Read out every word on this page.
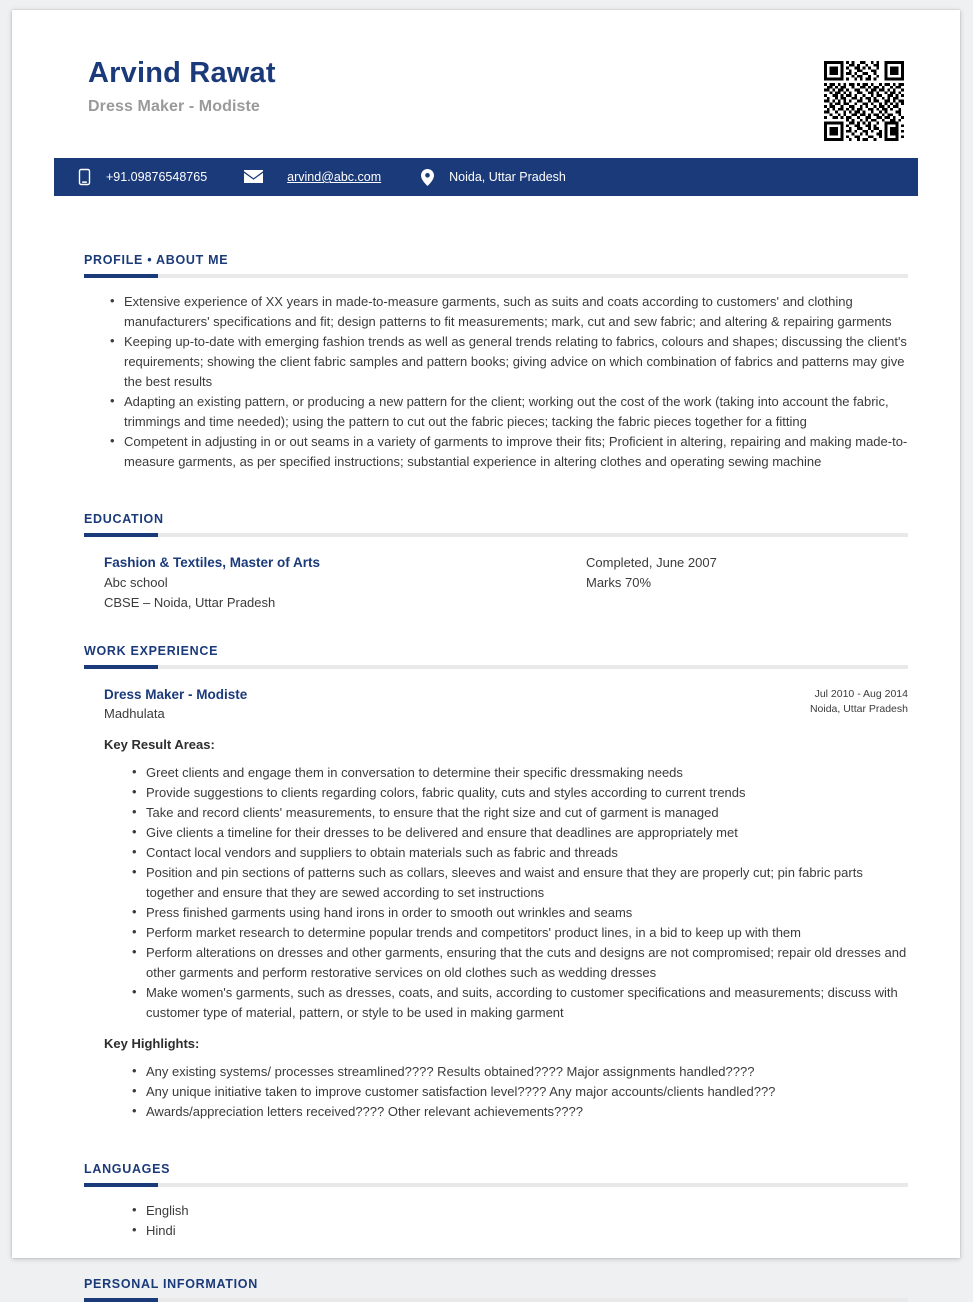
Arvind Rawat
Dress Maker - Modiste
+91.09876548765	arvind@abc.com	Noida, Uttar Pradesh
PROFILE • ABOUT ME
• Extensive experience of XX years in made-to-measure garments, such as suits and coats according to customers' and clothing manufacturers' specifications and fit; design patterns to fit measurements; mark, cut and sew fabric; and altering & repairing garments
• Keeping up-to-date with emerging fashion trends as well as general trends relating to fabrics, colours and shapes; discussing the client's requirements; showing the client fabric samples and pattern books; giving advice on which combination of fabrics and patterns may give the best results
• Adapting an existing pattern, or producing a new pattern for the client; working out the cost of the work (taking into account the fabric, trimmings and time needed); using the pattern to cut out the fabric pieces; tacking the fabric pieces together for a fitting
• Competent in adjusting in or out seams in a variety of garments to improve their fits; Proficient in altering, repairing and making made-to-measure garments, as per specified instructions; substantial experience in altering clothes and operating sewing machine
EDUCATION
Fashion & Textiles, Master of Arts
Abc school
CBSE – Noida, Uttar Pradesh
Completed, June 2007
Marks 70%
WORK EXPERIENCE
Dress Maker - Modiste
Madhulata
Jul 2010 - Aug 2014
Noida, Uttar Pradesh
Key Result Areas:
• Greet clients and engage them in conversation to determine their specific dressmaking needs
• Provide suggestions to clients regarding colors, fabric quality, cuts and styles according to current trends
• Take and record clients' measurements, to ensure that the right size and cut of garment is managed
• Give clients a timeline for their dresses to be delivered and ensure that deadlines are appropriately met
• Contact local vendors and suppliers to obtain materials such as fabric and threads
• Position and pin sections of patterns such as collars, sleeves and waist and ensure that they are properly cut; pin fabric parts together and ensure that they are sewed according to set instructions
• Press finished garments using hand irons in order to smooth out wrinkles and seams
• Perform market research to determine popular trends and competitors' product lines, in a bid to keep up with them
• Perform alterations on dresses and other garments, ensuring that the cuts and designs are not compromised; repair old dresses and other garments and perform restorative services on old clothes such as wedding dresses
• Make women's garments, such as dresses, coats, and suits, according to customer specifications and measurements; discuss with customer type of material, pattern, or style to be used in making garment
Key Highlights:
• Any existing systems/ processes streamlined???? Results obtained???? Major assignments handled????
• Any unique initiative taken to improve customer satisfaction level???? Any major accounts/clients handled???
• Awards/appreciation letters received???? Other relevant achievements????
LANGUAGES
• English
• Hindi
PERSONAL INFORMATION
